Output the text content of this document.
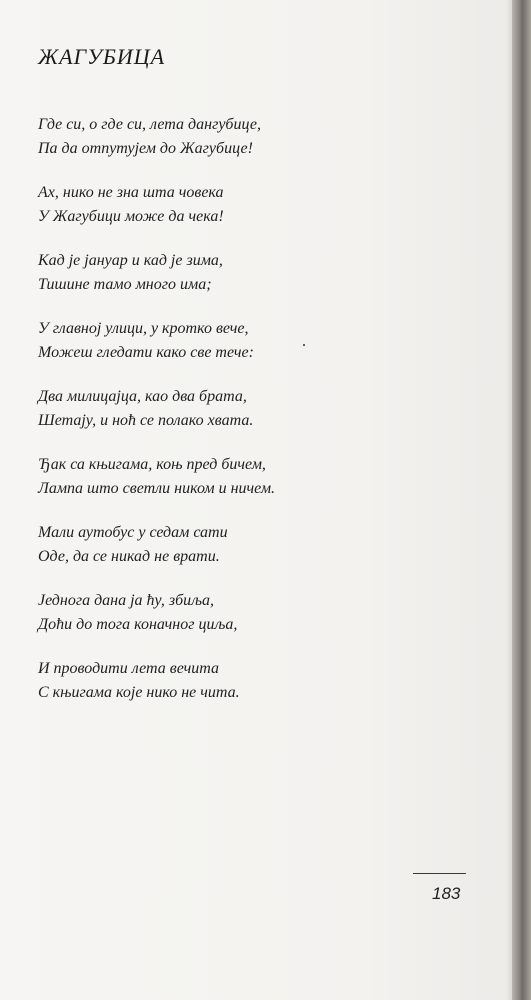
ЖАГУБИЦА
Где си, о где си, лета дангубице,
Па да отпутујем до Жагубице!
Ах, нико не зна шта човека
У Жагубици може да чека!
Кад је јануар и кад је зима,
Тишине тамо много има;
У главној улици, у кротко вече,
Можеш гледати како све тече:
Два милицајца, као два брата,
Шетају, и ноћ се полако хвата.
Ђак са књигама, коњ пред бичем,
Лампа што светли ником и ничем.
Мали аутобус у седам сати
Оде, да се никад не врати.
Једнога дана ја ћу, збиља,
Доћи до тога коначног циља,
И проводити лета вечита
С књигама које нико не чита.
183
